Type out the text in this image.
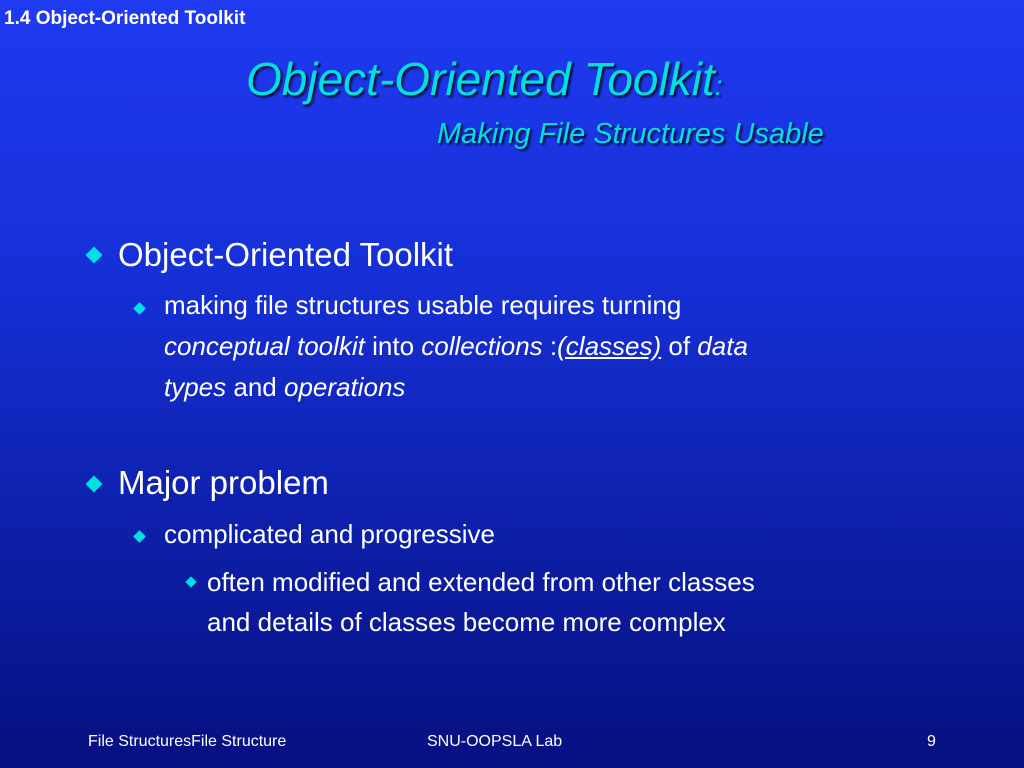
1.4 Object-Oriented Toolkit
Object-Oriented Toolkit:
Making File Structures Usable
Object-Oriented Toolkit
making file structures usable requires turning
conceptual toolkit into collections :(classes) of data
types and operations
Major problem
complicated and progressive
often modified and extended from other classes
and details of classes become more complex
File StructuresFile Structure	SNU-OOPSLA Lab	9
